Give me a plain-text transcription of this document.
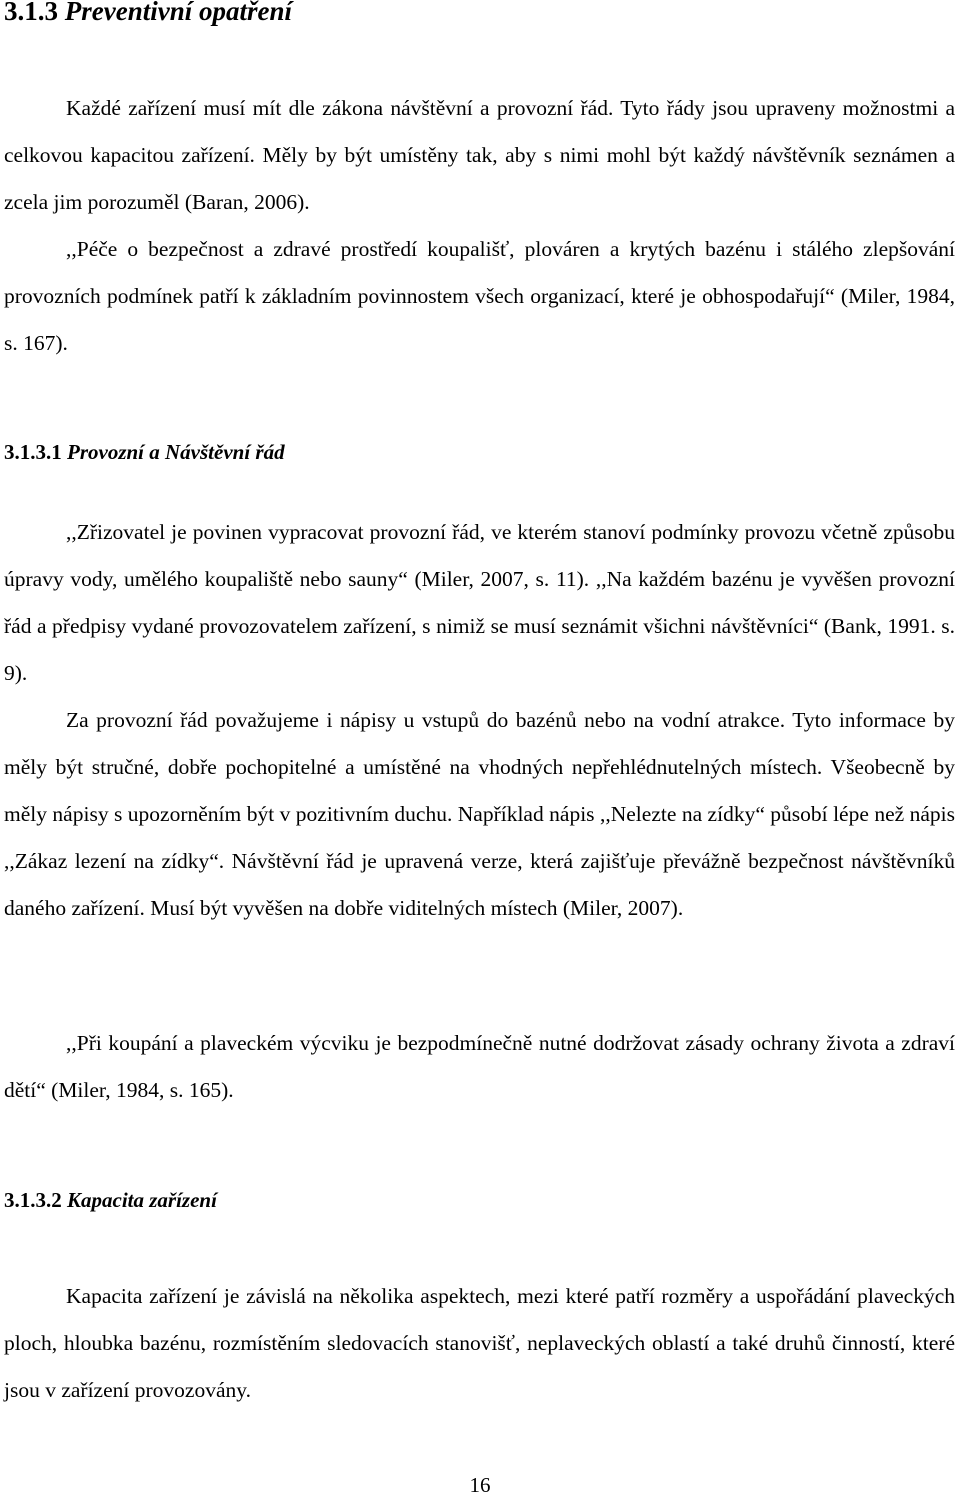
3.1.3 Preventivní opatření

Každé zařízení musí mít dle zákona návštěvní a provozní řád. Tyto řády jsou upraveny možnostmi a celkovou kapacitou zařízení. Měly by být umístěny tak, aby s nimi mohl být každý návštěvník seznámen a zcela jim porozuměl (Baran, 2006).

,,Péče o bezpečnost a zdravé prostředí koupališť, plováren a krytých bazénu i stálého zlepšování provozních podmínek patří k základním povinnostem všech organizací, které je obhospodařují“ (Miler, 1984, s. 167).

3.1.3.1 Provozní a Návštěvní řád

,,Zřizovatel je povinen vypracovat provozní řád, ve kterém stanoví podmínky provozu včetně způsobu úpravy vody, umělého koupaliště nebo sauny“ (Miler, 2007, s. 11). ,,Na každém bazénu je vyvěšen provozní řád a předpisy vydané provozovatelem zařízení, s nimiž se musí seznámit všichni návštěvníci“ (Bank, 1991. s. 9).

Za provozní řád považujeme i nápisy u vstupů do bazénů nebo na vodní atrakce. Tyto informace by měly být stručné, dobře pochopitelné a umístěné na vhodných nepřehlédnutelných místech. Všeobecně by měly nápisy s upozorněním být v pozitivním duchu. Například nápis ,,Nelezte na zídky“ působí lépe než nápis ,,Zákaz lezení na zídky“. Návštěvní řád je upravená verze, která zajišťuje převážně bezpečnost návštěvníků daného zařízení. Musí být vyvěšen na dobře viditelných místech (Miler, 2007).

,,Při koupání a plaveckém výcviku je bezpodmínečně nutné dodržovat zásady ochrany života a zdraví dětí“ (Miler, 1984, s. 165).

3.1.3.2 Kapacita zařízení

Kapacita zařízení je závislá na několika aspektech, mezi které patří rozměry a uspořádání plaveckých ploch, hloubka bazénu, rozmístěním sledovacích stanovišť, neplaveckých oblastí a také druhů činností, které jsou v zařízení provozovány.

16
